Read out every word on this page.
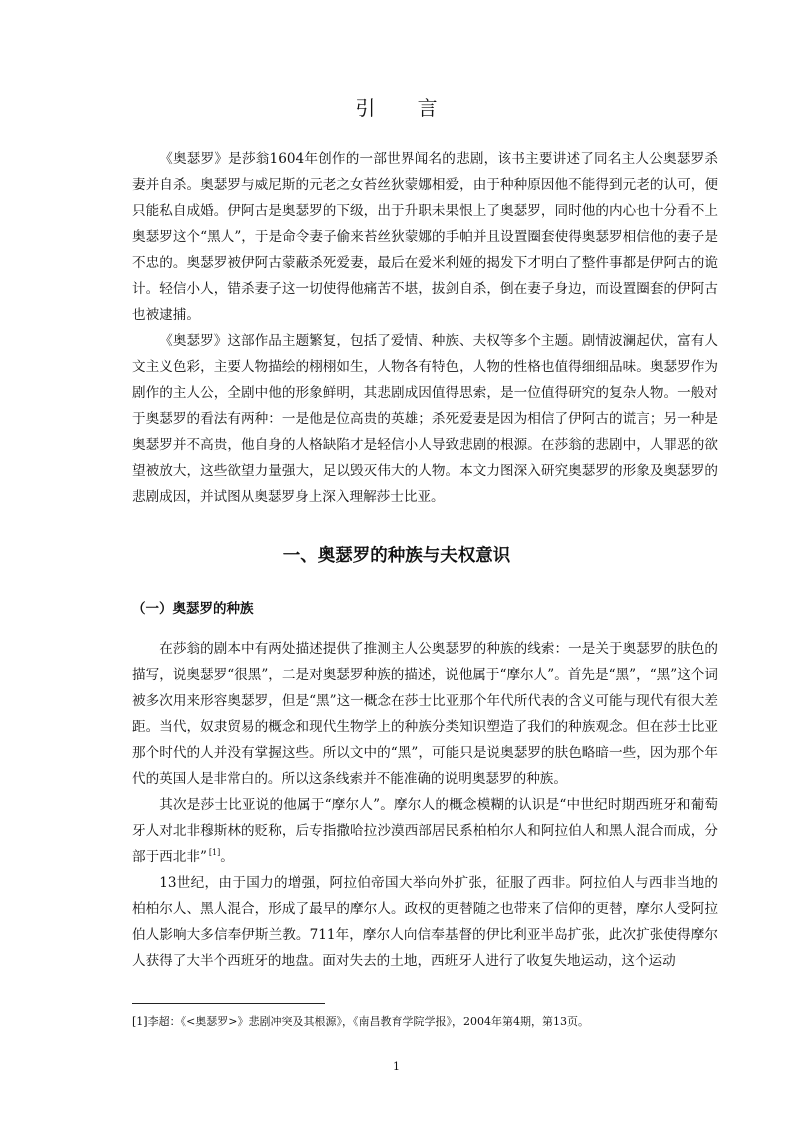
引 言

《奥瑟罗》是莎翁1604年创作的一部世界闻名的悲剧，该书主要讲述了同名主人公奥瑟罗杀妻并自杀。奥瑟罗与威尼斯的元老之女苔丝狄蒙娜相爱，由于种种原因他不能得到元老的认可，便只能私自成婚。伊阿古是奥瑟罗的下级，出于升职未果恨上了奥瑟罗，同时他的内心也十分看不上奥瑟罗这个“黑人”，于是命令妻子偷来苔丝狄蒙娜的手帕并且设置圈套使得奥瑟罗相信他的妻子是不忠的。奥瑟罗被伊阿古蒙蔽杀死爱妻，最后在爱米利娅的揭发下才明白了整件事都是伊阿古的诡计。轻信小人，错杀妻子这一切使得他痛苦不堪，拔剑自杀，倒在妻子身边，而设置圈套的伊阿古也被逮捕。

《奥瑟罗》这部作品主题繁复，包括了爱情、种族、夫权等多个主题。剧情波澜起伏，富有人文主义色彩，主要人物描绘的栩栩如生，人物各有特色，人物的性格也值得细细品味。奥瑟罗作为剧作的主人公，全剧中他的形象鲜明，其悲剧成因值得思索，是一位值得研究的复杂人物。一般对于奥瑟罗的看法有两种：一是他是位高贵的英雄；杀死爱妻是因为相信了伊阿古的谎言；另一种是奥瑟罗并不高贵，他自身的人格缺陷才是轻信小人导致悲剧的根源。在莎翁的悲剧中，人罪恶的欲望被放大，这些欲望力量强大，足以毁灭伟大的人物。本文力图深入研究奥瑟罗的形象及奥瑟罗的悲剧成因，并试图从奥瑟罗身上深入理解莎士比亚。

一、奥瑟罗的种族与夫权意识
（一）奥瑟罗的种族

在莎翁的剧本中有两处描述提供了推测主人公奥瑟罗的种族的线索：一是关于奥瑟罗的肤色的描写，说奥瑟罗“很黑”，二是对奥瑟罗种族的描述，说他属于“摩尔人”。首先是“黑”，“黑”这个词被多次用来形容奥瑟罗，但是“黑”这一概念在莎士比亚那个年代所代表的含义可能与现代有很大差距。当代，奴隶贸易的概念和现代生物学上的种族分类知识塑造了我们的种族观念。但在莎士比亚那个时代的人并没有掌握这些。所以文中的“黑”，可能只是说奥瑟罗的肤色略暗一些，因为那个年代的英国人是非常白的。所以这条线索并不能准确的说明奥瑟罗的种族。

其次是莎士比亚说的他属于“摩尔人”。摩尔人的概念模糊的认识是“中世纪时期西班牙和葡萄牙人对北非穆斯林的贬称，后专指撒哈拉沙漠西部居民系柏柏尔人和阿拉伯人和黑人混合而成，分部于西北非” [1]。

13世纪，由于国力的增强，阿拉伯帝国大举向外扩张，征服了西非。阿拉伯人与西非当地的柏柏尔人、黑人混合，形成了最早的摩尔人。政权的更替随之也带来了信仰的更替，摩尔人受阿拉伯人影响大多信奉伊斯兰教。711年，摩尔人向信奉基督的伊比利亚半岛扩张，此次扩张使得摩尔人获得了大半个西班牙的地盘。面对失去的土地，西班牙人进行了收复失地运动，这个运动

[1]李超：《<奥瑟罗>》悲剧冲突及其根源》，《南昌教育学院学报》，2004年第4期，第13页。
1
